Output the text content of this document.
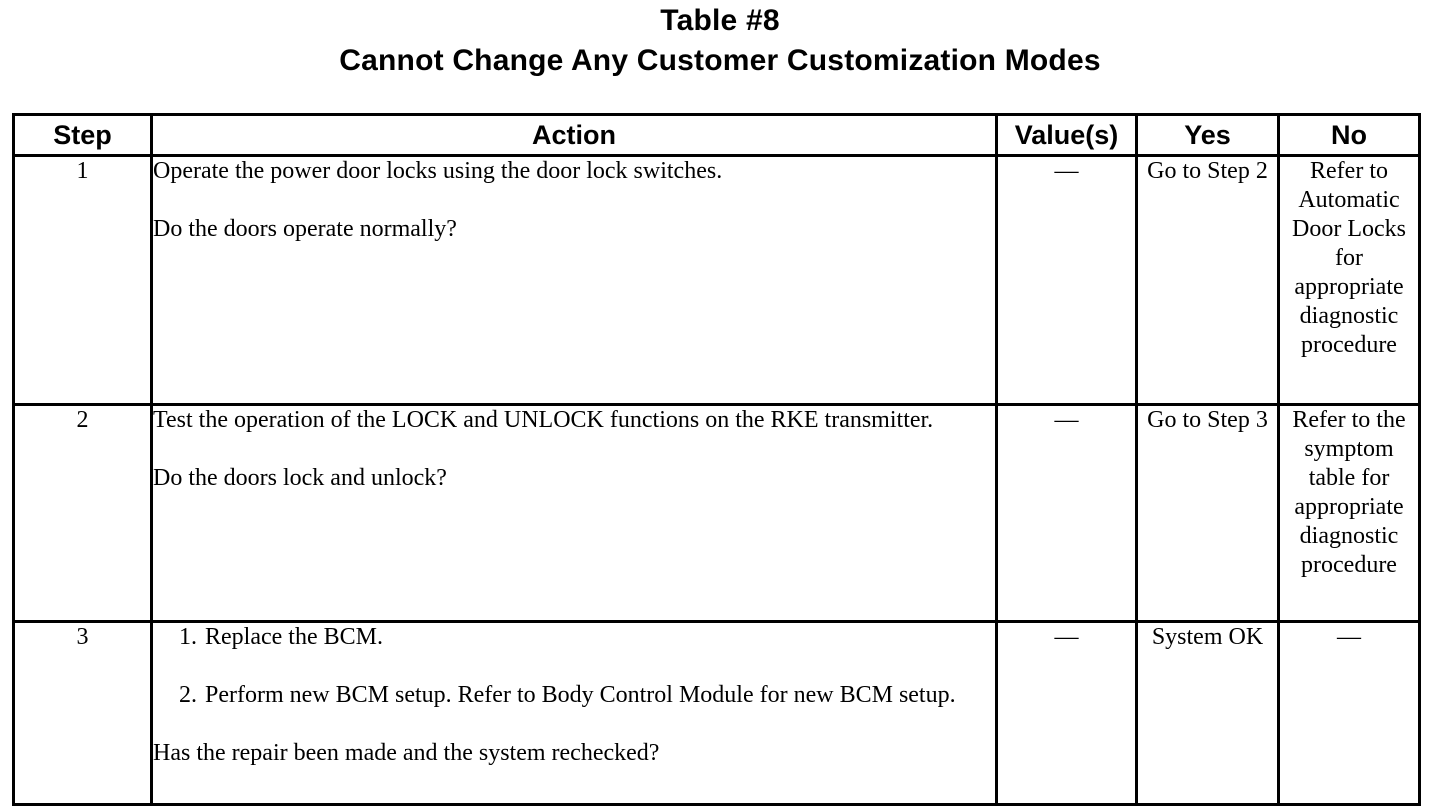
Table #8
Cannot Change Any Customer Customization Modes
Step	Action	Value(s)	Yes	No
1	Operate the power door locks using the door lock switches.
Do the doors operate normally?	—	Go to Step 2	Refer to Automatic Door Locks for appropriate diagnostic procedure
2	Test the operation of the LOCK and UNLOCK functions on the RKE transmitter.
Do the doors lock and unlock?	—	Go to Step 3	Refer to the symptom table for appropriate diagnostic procedure
3	1. Replace the BCM.
2. Perform new BCM setup. Refer to Body Control Module for new BCM setup.
Has the repair been made and the system rechecked?	—	System OK	—
